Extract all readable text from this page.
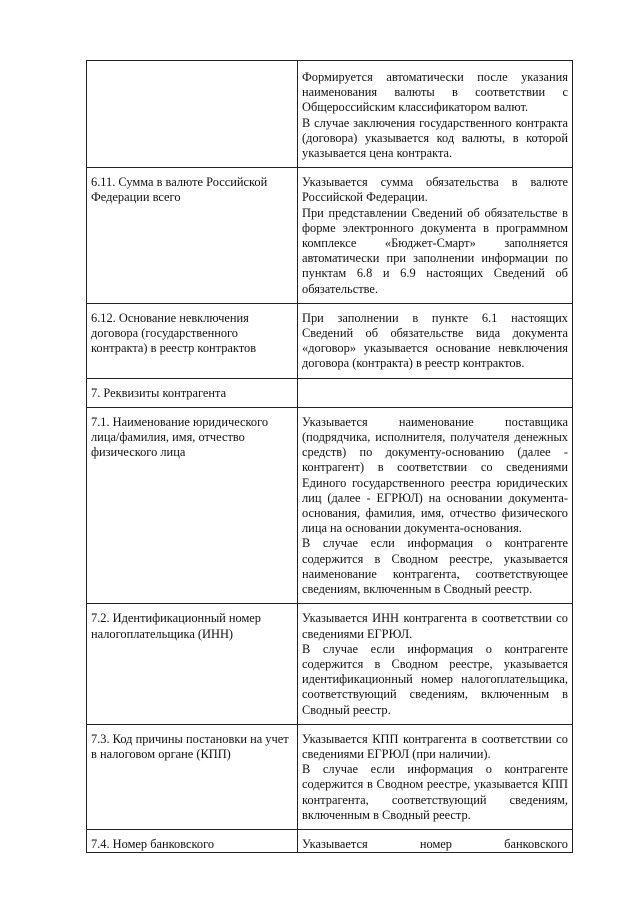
	Формируется автоматически после указания наименования валюты в соответствии с Общероссийским классификатором валют.

В случае заключения государственного контракта (договора) указывается код валюты, в которой указывается цена контракта.

6.11. Сумма в валюте Российской Федерации всего	Указывается сумма обязательства в валюте Российской Федерации.

При представлении Сведений об обязательстве в форме электронного документа в программном комплексе «Бюджет-Смарт» заполняется автоматически при заполнении информации по пунктам 6.8 и 6.9 настоящих Сведений об обязательстве.

6.12. Основание невключения договора (государственного контракта) в реестр контрактов	При заполнении в пункте 6.1 настоящих Сведений об обязательстве вида документа «договор» указывается основание невключения договора (контракта) в реестр контрактов.

7. Реквизиты контрагента	
7.1. Наименование юридического лица/фамилия, имя, отчество физического лица	Указывается наименование поставщика (подрядчика, исполнителя, получателя денежных средств) по документу-основанию (далее - контрагент) в соответствии со сведениями Единого государственного реестра юридических лиц (далее - ЕГРЮЛ) на основании документа-основания, фамилия, имя, отчество физического лица на основании документа-основания.

В случае если информация о контрагенте содержится в Сводном реестре, указывается наименование контрагента, соответствующее сведениям, включенным в Сводный реестр.

7.2. Идентификационный номер налогоплательщика (ИНН)	Указывается ИНН контрагента в соответствии со сведениями ЕГРЮЛ.

В случае если информация о контрагенте содержится в Сводном реестре, указывается идентификационный номер налогоплательщика, соответствующий сведениям, включенным в Сводный реестр.

7.3. Код причины постановки на учет в налоговом органе (КПП)	Указывается КПП контрагента в соответствии со сведениями ЕГРЮЛ (при наличии).

В случае если информация о контрагенте содержится в Сводном реестре, указывается КПП контрагента, соответствующий сведениям, включенным в Сводный реестр.

7.4. Номер банковского	Указывается номер банковского
